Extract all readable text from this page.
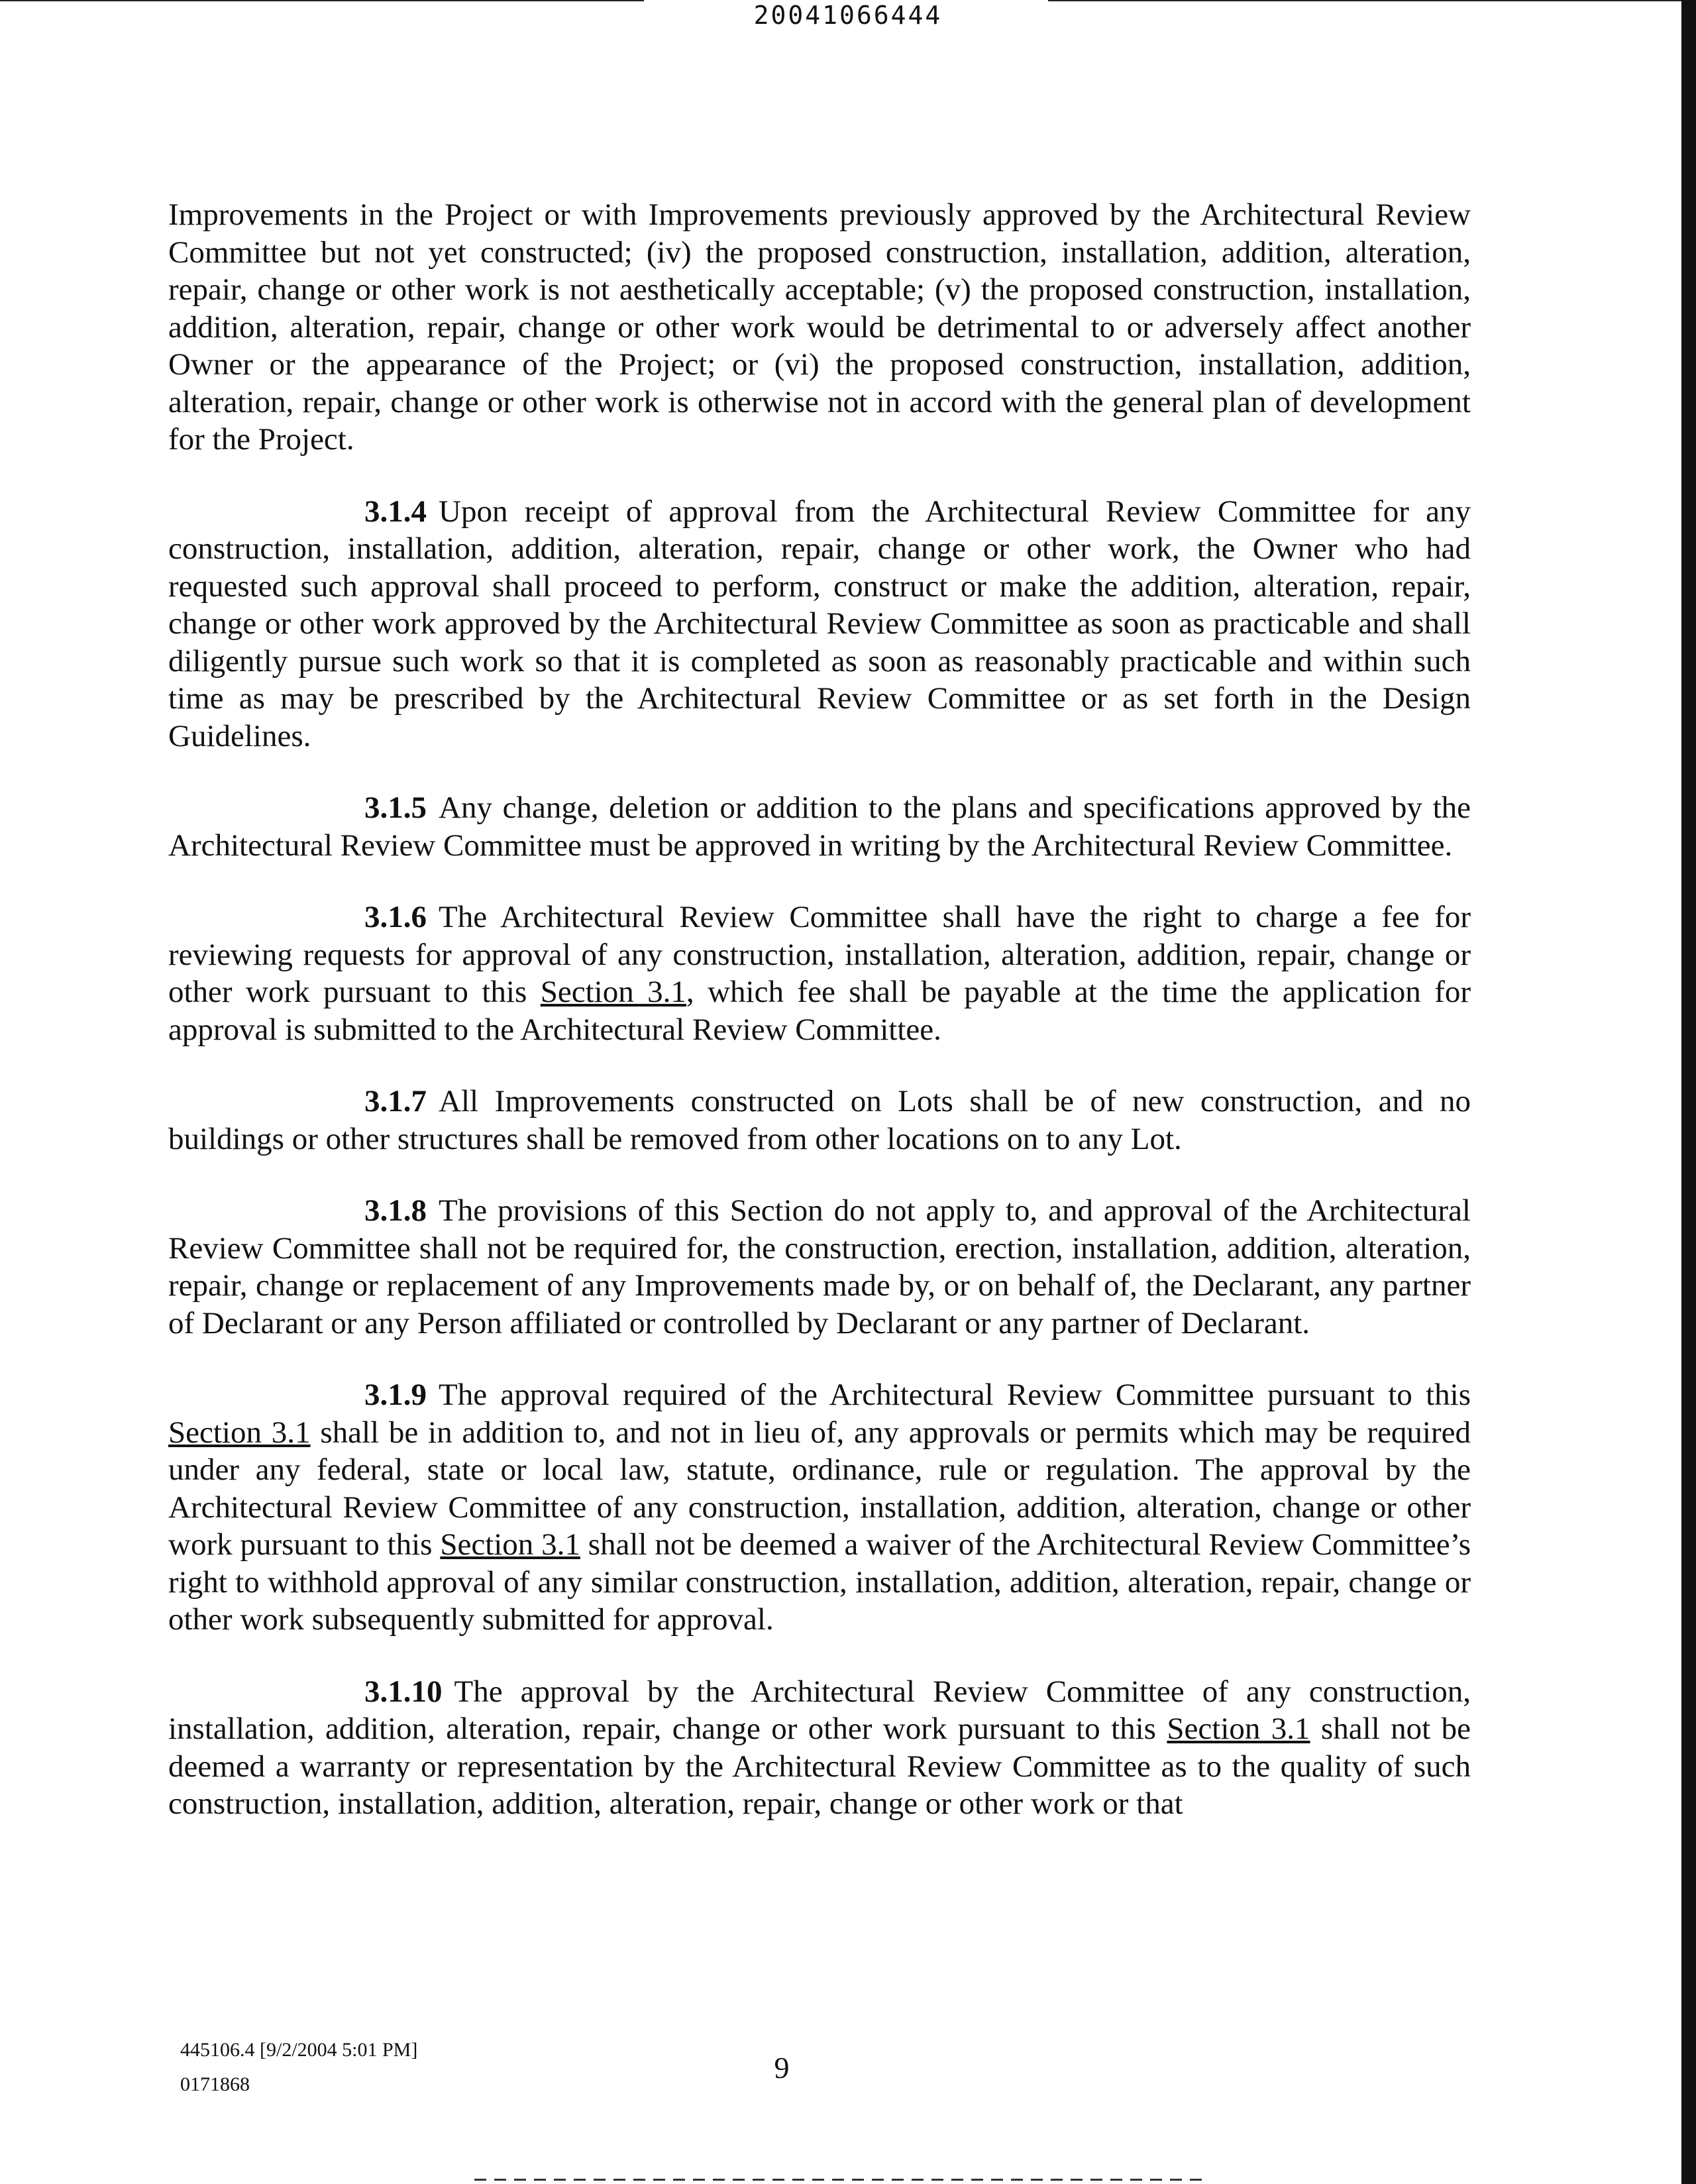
20041066444

Improvements in the Project or with Improvements previously approved by the Architectural Review Committee but not yet constructed; (iv) the proposed construction, installation, addition, alteration, repair, change or other work is not aesthetically acceptable; (v) the proposed construction, installation, addition, alteration, repair, change or other work would be detrimental to or adversely affect another Owner or the appearance of the Project; or (vi) the proposed construction, installation, addition, alteration, repair, change or other work is otherwise not in accord with the general plan of development for the Project.

3.1.4 Upon receipt of approval from the Architectural Review Committee for any construction, installation, addition, alteration, repair, change or other work, the Owner who had requested such approval shall proceed to perform, construct or make the addition, alteration, repair, change or other work approved by the Architectural Review Committee as soon as practicable and shall diligently pursue such work so that it is completed as soon as reasonably practicable and within such time as may be prescribed by the Architectural Review Committee or as set forth in the Design Guidelines.

3.1.5 Any change, deletion or addition to the plans and specifications approved by the Architectural Review Committee must be approved in writing by the Architectural Review Committee.

3.1.6 The Architectural Review Committee shall have the right to charge a fee for reviewing requests for approval of any construction, installation, alteration, addition, repair, change or other work pursuant to this Section 3.1, which fee shall be payable at the time the application for approval is submitted to the Architectural Review Committee.

3.1.7 All Improvements constructed on Lots shall be of new construction, and no buildings or other structures shall be removed from other locations on to any Lot.

3.1.8 The provisions of this Section do not apply to, and approval of the Architectural Review Committee shall not be required for, the construction, erection, installation, addition, alteration, repair, change or replacement of any Improvements made by, or on behalf of, the Declarant, any partner of Declarant or any Person affiliated or controlled by Declarant or any partner of Declarant.

3.1.9 The approval required of the Architectural Review Committee pursuant to this Section 3.1 shall be in addition to, and not in lieu of, any approvals or permits which may be required under any federal, state or local law, statute, ordinance, rule or regulation. The approval by the Architectural Review Committee of any construction, installation, addition, alteration, change or other work pursuant to this Section 3.1 shall not be deemed a waiver of the Architectural Review Committee’s right to withhold approval of any similar construction, installation, addition, alteration, repair, change or other work subsequently submitted for approval.

3.1.10 The approval by the Architectural Review Committee of any construction, installation, addition, alteration, repair, change or other work pursuant to this Section 3.1 shall not be deemed a warranty or representation by the Architectural Review Committee as to the quality of such construction, installation, addition, alteration, repair, change or other work or that

445106.4 [9/2/2004 5:01 PM]
0171868	9
